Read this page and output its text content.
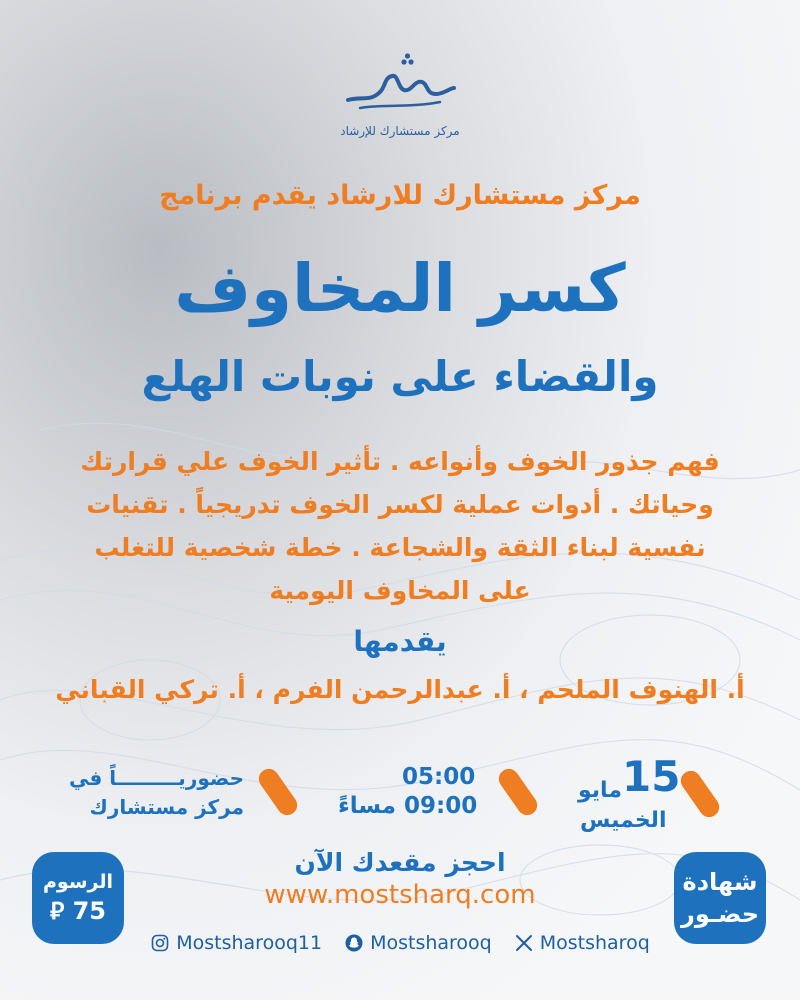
مركز مستشارك للإرشاد
مركز مستشارك للارشاد يقدم برنامج
كسر المخاوف
والقضاء على نوبات الهلع
فهم جذور الخوف وأنواعه . تأثير الخوف علي قرارتك
وحياتك . أدوات عملية لكسر الخوف تدريجياً . تقنيات
نفسية لبناء الثقة والشجاعة . خطة شخصية للتغلب
على المخاوف اليومية
يقدمها
أ. الهنوف الملحم ، أ. عبدالرحمن الفرم ، أ. تركي القباني
15
مايو
الخميس
05:00
09:00 مساءً
حضوريـــــــــاً في
مركز مستشارك
احجز مقعدك الآن
www.mostsharq.com
الرسوم
75 ⃁
شهادة
حضـور
Mostsharooq11	Mostsharooq	Mostsharoq
